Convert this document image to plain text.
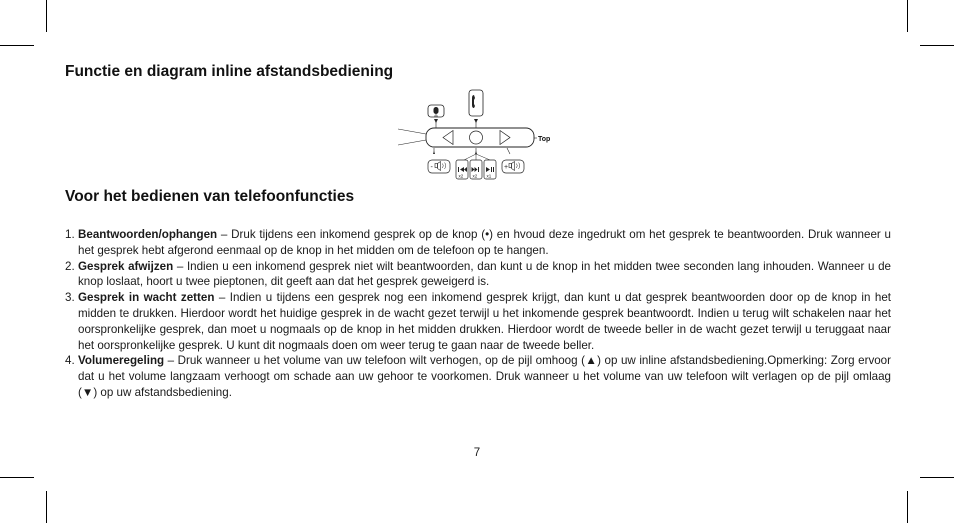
Functie en diagram inline afstandsbediening
Top
-
x2 x2 x1
+
Voor het bedienen van telefoonfuncties
1. Beantwoorden/ophangen – Druk tijdens een inkomend gesprek op de knop (•) en hvoud deze ingedrukt om het gesprek te beantwoorden. Druk wanneer u het gesprek hebt afgerond eenmaal op de knop in het midden om de telefoon op te hangen.
2. Gesprek afwijzen – Indien u een inkomend gesprek niet wilt beantwoorden, dan kunt u de knop in het midden twee seconden lang inhouden. Wanneer u de knop loslaat, hoort u twee pieptonen, dit geeft aan dat het gesprek geweigerd is.
3. Gesprek in wacht zetten – Indien u tijdens een gesprek nog een inkomend gesprek krijgt, dan kunt u dat gesprek beantwoorden door op de knop in het midden te drukken. Hierdoor wordt het huidige gesprek in de wacht gezet terwijl u het inkomende gesprek beantwoordt. Indien u terug wilt schakelen naar het oorspronkelijke gesprek, dan moet u nogmaals op de knop in het midden drukken. Hierdoor wordt de tweede beller in de wacht gezet terwijl u teruggaat naar het oorspronkelijke gesprek. U kunt dit nogmaals doen om weer terug te gaan naar de tweede beller.
4. Volumeregeling – Druk wanneer u het volume van uw telefoon wilt verhogen, op de pijl omhoog (▲) op uw inline afstandsbediening.Opmerking: Zorg ervoor dat u het volume langzaam verhoogt om schade aan uw gehoor te voorkomen. Druk wanneer u het volume van uw telefoon wilt verlagen op de pijl omlaag (▼) op uw afstandsbediening.
7
